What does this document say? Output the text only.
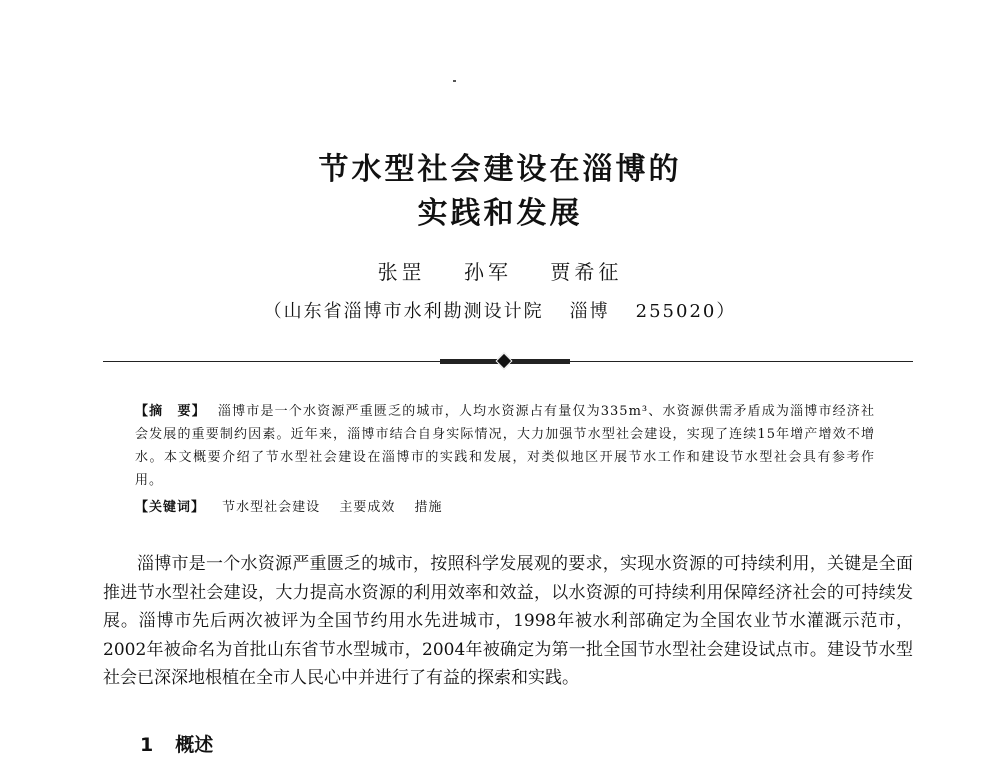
节水型社会建设在淄博的
实践和发展
张罡 孙军 贾希征
（山东省淄博市水利勘测设计院 淄博 255020）
【摘　要】 淄博市是一个水资源严重匮乏的城市，人均水资源占有量仅为335m³、水资源供需矛盾成为淄博市经济社会发展的重要制约因素。近年来，淄博市结合自身实际情况，大力加强节水型社会建设，实现了连续15年增产增效不增水。本文概要介绍了节水型社会建设在淄博市的实践和发展，对类似地区开展节水工作和建设节水型社会具有参考作用。
【关键词】 节水型社会建设 主要成效 措施
淄博市是一个水资源严重匮乏的城市，按照科学发展观的要求，实现水资源的可持续利用，关键是全面推进节水型社会建设，大力提高水资源的利用效率和效益，以水资源的可持续利用保障经济社会的可持续发展。淄博市先后两次被评为全国节约用水先进城市，1998年被水利部确定为全国农业节水灌溉示范市，2002年被命名为首批山东省节水型城市，2004年被确定为第一批全国节水型社会建设试点市。建设节水型社会已深深地根植在全市人民心中并进行了有益的探索和实践。
1 概述
